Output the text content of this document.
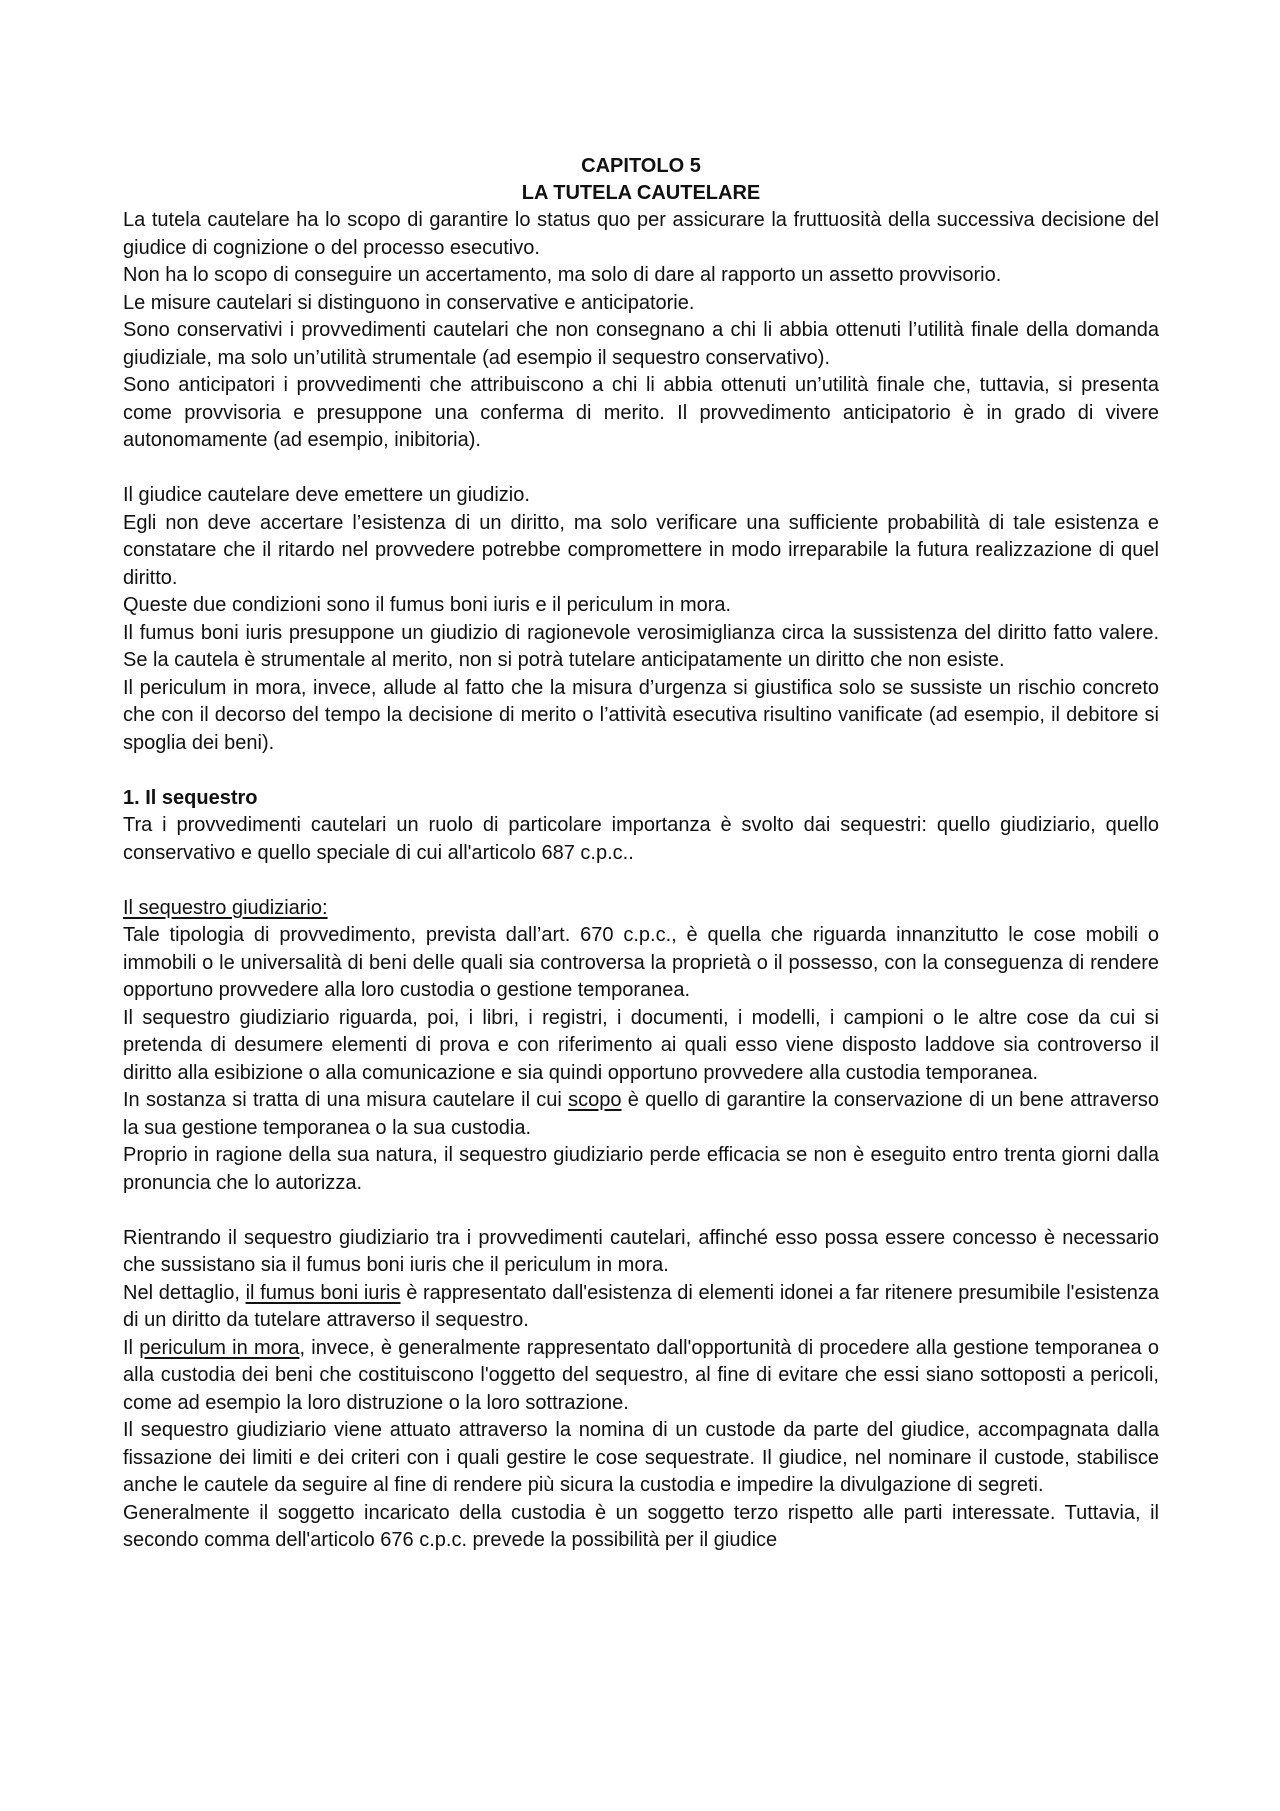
CAPITOLO 5
LA TUTELA CAUTELARE
La tutela cautelare ha lo scopo di garantire lo status quo per assicurare la fruttuosità della successiva decisione del giudice di cognizione o del processo esecutivo.
Non ha lo scopo di conseguire un accertamento, ma solo di dare al rapporto un assetto provvisorio.
Le misure cautelari si distinguono in conservative e anticipatorie.
Sono conservativi i provvedimenti cautelari che non consegnano a chi li abbia ottenuti l’utilità finale della domanda giudiziale, ma solo un’utilità strumentale (ad esempio il sequestro conservativo).
Sono anticipatori i provvedimenti che attribuiscono a chi li abbia ottenuti un’utilità finale che, tuttavia, si presenta come provvisoria e presuppone una conferma di merito. Il provvedimento anticipatorio è in grado di vivere autonomamente (ad esempio, inibitoria).
Il giudice cautelare deve emettere un giudizio.
Egli non deve accertare l’esistenza di un diritto, ma solo verificare una sufficiente probabilità di tale esistenza e constatare che il ritardo nel provvedere potrebbe compromettere in modo irreparabile la futura realizzazione di quel diritto.
Queste due condizioni sono il fumus boni iuris e il periculum in mora.
Il fumus boni iuris presuppone un giudizio di ragionevole verosimiglianza circa la sussistenza del diritto fatto valere. Se la cautela è strumentale al merito, non si potrà tutelare anticipatamente un diritto che non esiste.
Il periculum in mora, invece, allude al fatto che la misura d’urgenza si giustifica solo se sussiste un rischio concreto che con il decorso del tempo la decisione di merito o l’attività esecutiva risultino vanificate (ad esempio, il debitore si spoglia dei beni).
1. Il sequestro
Tra i provvedimenti cautelari un ruolo di particolare importanza è svolto dai sequestri: quello giudiziario, quello conservativo e quello speciale di cui all'articolo 687 c.p.c..
Il sequestro giudiziario:
Tale tipologia di provvedimento, prevista dall’art. 670 c.p.c., è quella che riguarda innanzitutto le cose mobili o immobili o le universalità di beni delle quali sia controversa la proprietà o il possesso, con la conseguenza di rendere opportuno provvedere alla loro custodia o gestione temporanea.
Il sequestro giudiziario riguarda, poi, i libri, i registri, i documenti, i modelli, i campioni o le altre cose da cui si pretenda di desumere elementi di prova e con riferimento ai quali esso viene disposto laddove sia controverso il diritto alla esibizione o alla comunicazione e sia quindi opportuno provvedere alla custodia temporanea.
In sostanza si tratta di una misura cautelare il cui scopo è quello di garantire la conservazione di un bene attraverso la sua gestione temporanea o la sua custodia.
Proprio in ragione della sua natura, il sequestro giudiziario perde efficacia se non è eseguito entro trenta giorni dalla pronuncia che lo autorizza.
Rientrando il sequestro giudiziario tra i provvedimenti cautelari, affinché esso possa essere concesso è necessario che sussistano sia il fumus boni iuris che il periculum in mora.
Nel dettaglio, il fumus boni iuris è rappresentato dall'esistenza di elementi idonei a far ritenere presumibile l'esistenza di un diritto da tutelare attraverso il sequestro.
Il periculum in mora, invece, è generalmente rappresentato dall'opportunità di procedere alla gestione temporanea o alla custodia dei beni che costituiscono l'oggetto del sequestro, al fine di evitare che essi siano sottoposti a pericoli, come ad esempio la loro distruzione o la loro sottrazione.
Il sequestro giudiziario viene attuato attraverso la nomina di un custode da parte del giudice, accompagnata dalla fissazione dei limiti e dei criteri con i quali gestire le cose sequestrate. Il giudice, nel nominare il custode, stabilisce anche le cautele da seguire al fine di rendere più sicura la custodia e impedire la divulgazione di segreti.
Generalmente il soggetto incaricato della custodia è un soggetto terzo rispetto alle parti interessate. Tuttavia, il secondo comma dell'articolo 676 c.p.c. prevede la possibilità per il giudice
